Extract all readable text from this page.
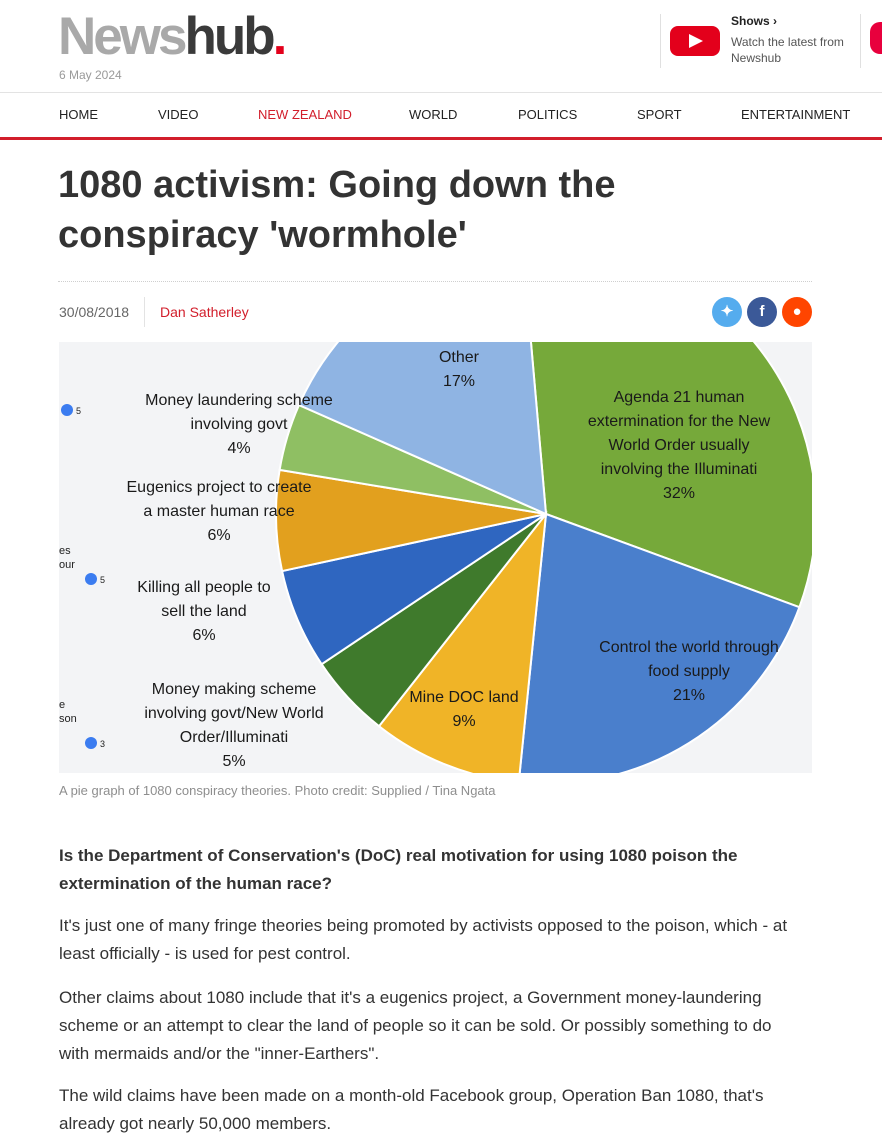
Newshub.
6 May 2024
Shows ›
Watch the latest from Newshub
HOME	VIDEO	NEW ZEALAND	WORLD	POLITICS	SPORT	ENTERTAINMENT
1080 activism: Going down the conspiracy 'wormhole'
30/08/2018 Dan Satherley	✦	f	●
Agenda 21 human extermination for the New World Order usually involving the Illuminati 32%
Control the world through food supply 21%
Mine DOC land 9%
Money making scheme involving govt/New World Order/Illuminati 5%
Killing all people to sell the land 6%
Eugenics project to create a master human race 6%
Money laundering scheme involving govt 4%
Other 17%
es
our
e
son
5
5
3
A pie graph of 1080 conspiracy theories. Photo credit: Supplied / Tina Ngata

Is the Department of Conservation's (DoC) real motivation for using 1080 poison the extermination of the human race?

It's just one of many fringe theories being promoted by activists opposed to the poison, which - at least officially - is used for pest control.

Other claims about 1080 include that it's a eugenics project, a Government money-laundering scheme or an attempt to clear the land of people so it can be sold. Or possibly something to do with mermaids and/or the "inner-Earthers".

The wild claims have been made on a month-old Facebook group, Operation Ban 1080, that's already got nearly 50,000 members.
